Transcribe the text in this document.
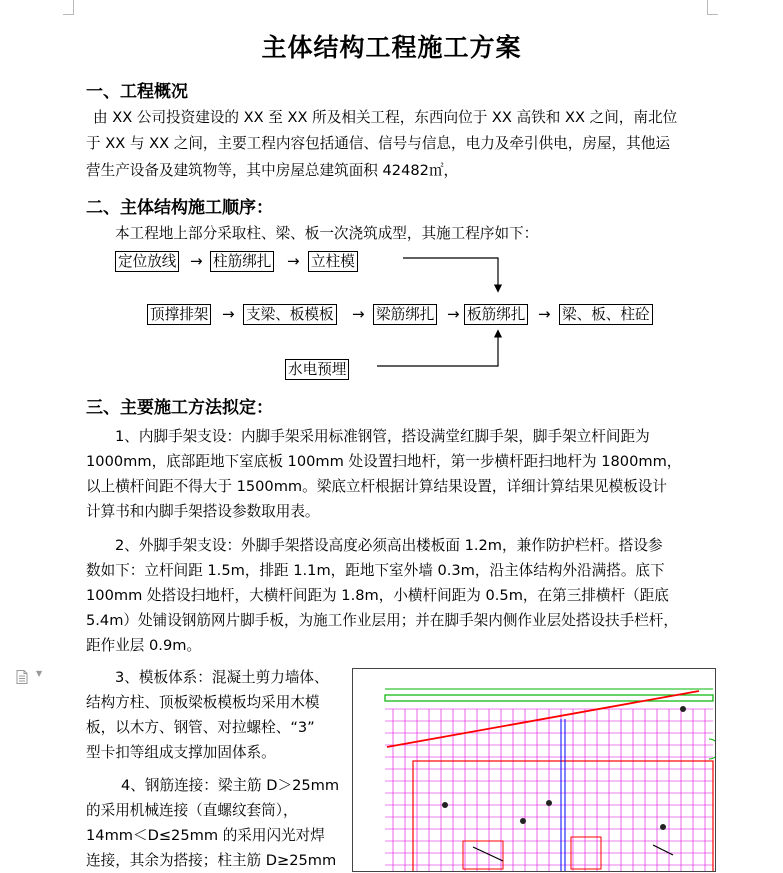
主体结构工程施工方案
一、工程概况
由 XX 公司投资建设的 XX 至 XX 所及相关工程，东西向位于 XX 高铁和 XX 之间，南北位
于 XX 与 XX 之间，主要工程内容包括通信、信号与信息，电力及牵引供电，房屋，其他运
营生产设备及建筑物等，其中房屋总建筑面积 42482㎡，
二、主体结构施工顺序：
本工程地上部分采取柱、梁、板一次浇筑成型，其施工程序如下：
定位放线 → 柱筋绑扎 → 立柱模
顶撑排架 → 支梁、板模板 → 梁筋绑扎 → 板筋绑扎 → 梁、板、柱砼
水电预埋
三、主要施工方法拟定：
1、内脚手架支设：内脚手架采用标准钢管，搭设满堂红脚手架，脚手架立杆间距为
1000mm，底部距地下室底板 100mm 处设置扫地杆，第一步横杆距扫地杆为 1800mm，
以上横杆间距不得大于 1500mm。梁底立杆根据计算结果设置，详细计算结果见模板设计
计算书和内脚手架搭设参数取用表。
2、外脚手架支设：外脚手架搭设高度必须高出楼板面 1.2m，兼作防护栏杆。搭设参
数如下：立杆间距 1.5m，排距 1.1m，距地下室外墙 0.3m，沿主体结构外沿满搭。底下
100mm 处搭设扫地杆，大横杆间距为 1.8m，小横杆间距为 0.5m，在第三排横杆（距底
5.4m）处铺设钢筋网片脚手板，为施工作业层用；并在脚手架内侧作业层处搭设扶手栏杆，
距作业层 0.9m。
▼	3、模板体系：混凝土剪力墙体、
结构方柱、顶板梁板模板均采用木模
板，以木方、钢管、对拉螺栓、“3”
型卡扣等组成支撑加固体系。
4、钢筋连接：梁主筋 D＞25mm
的采用机械连接（直螺纹套筒），
14mm＜D≤25mm 的采用闪光对焊
连接，其余为搭接；柱主筋 D≥25mm
